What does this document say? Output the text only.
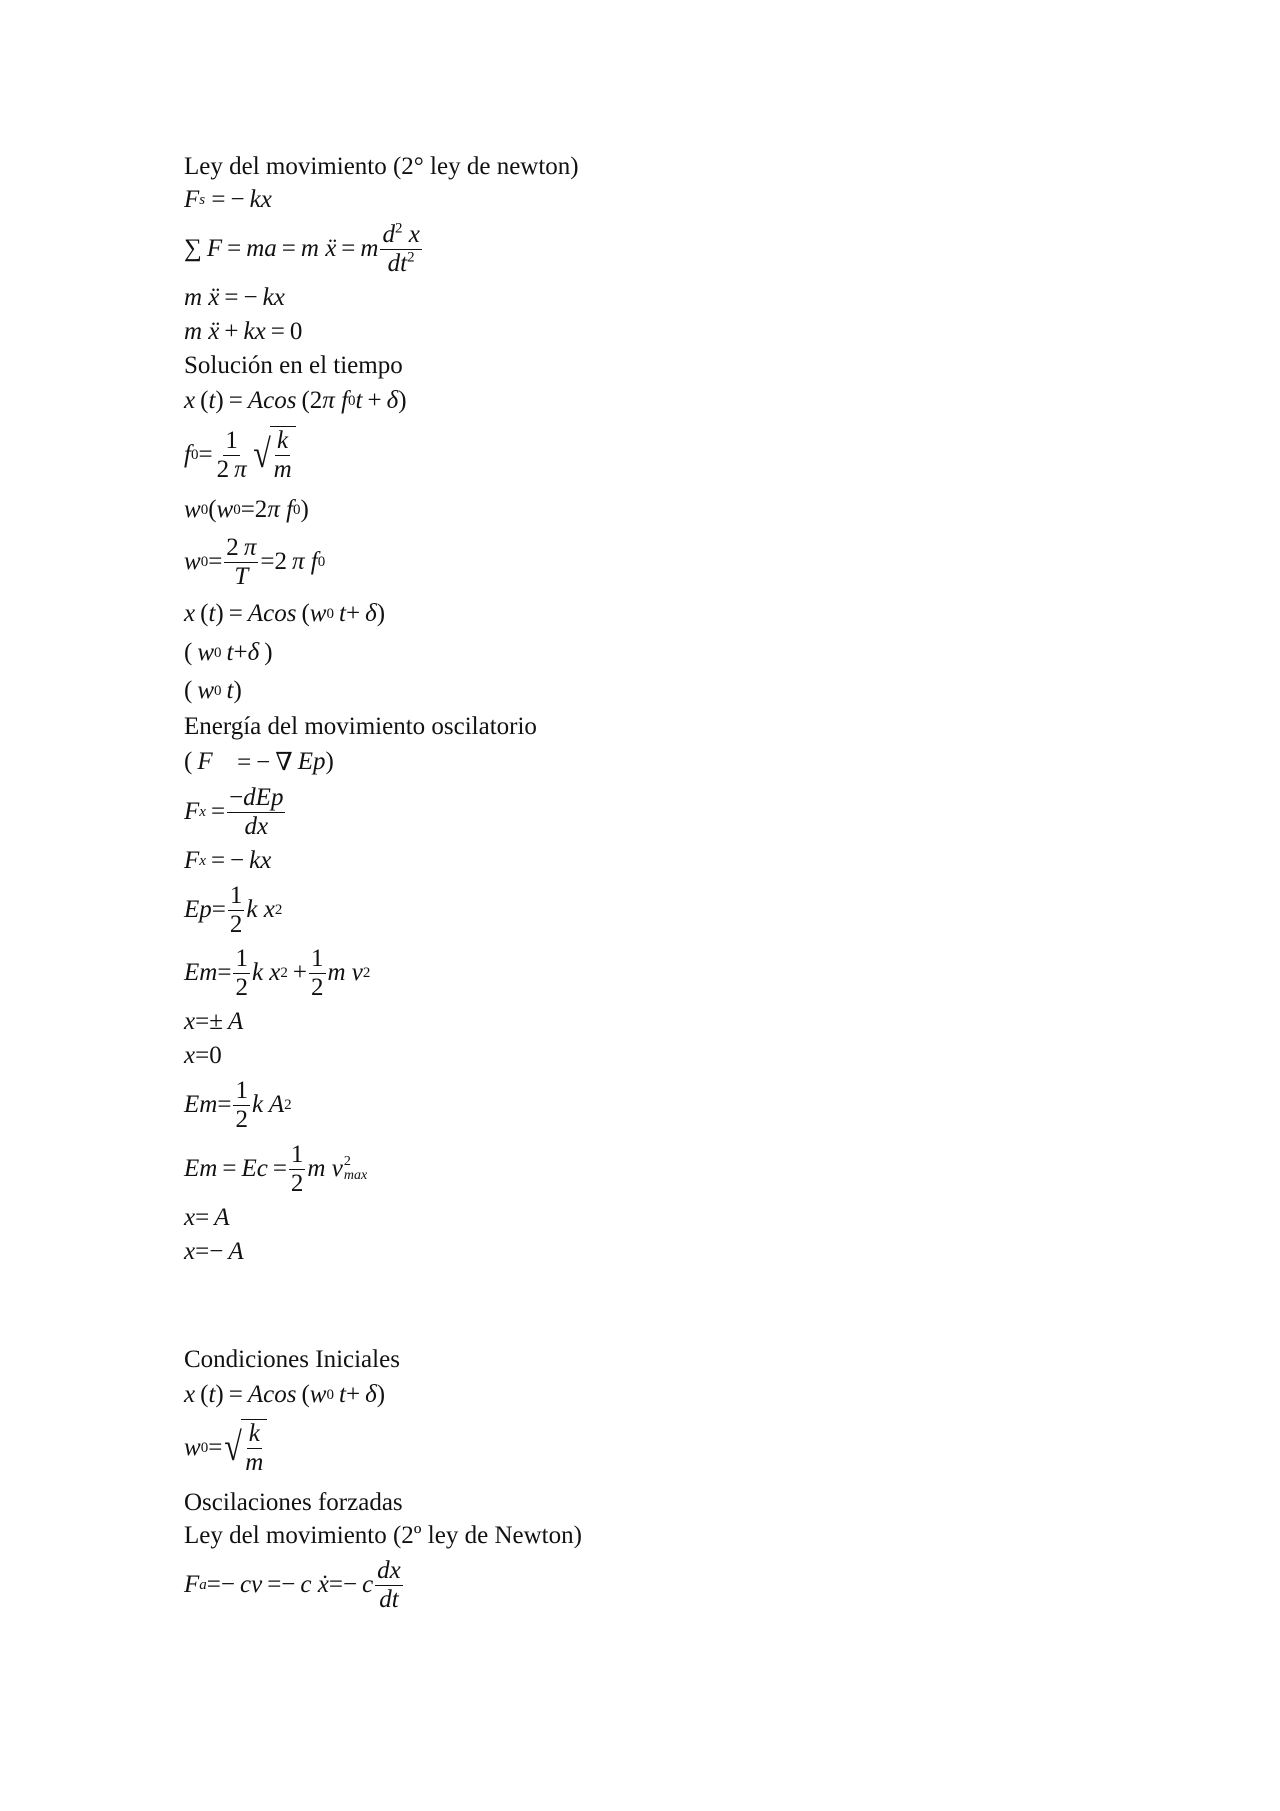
Ley del movimiento (2° ley de newton)
F s = −  kx
∑  F  =  ma  =  m ẍ  =  m $\frac{d^2 x}{dt^2}$
m ẍ  = −  kx
m ẍ  +  kx  = 0
Solución en el tiempo
x  ( t ) =  Acos  (2 π f 0 t  +  δ )
f $0 = \frac{1}{2 \pi}$ √ $\frac{k}{m}$
w 0 ( w 0 =2 π f 0 )
w $0 = \frac{2 \pi}{T} =2$  π f 0
x  ( t ) =  Acos  ( w 0
  t +  δ )
(  w 0
  t + δ  )
(  w 0
  t )
Energía del movimiento oscilatorio
(  F⃗  = − ∇  Ep )
F $x = \frac{\text{−dEp}}{dx}$
F x  = −  kx
$Ep = \frac{1}{2}$ k x 2
$Em = \frac{1}{2}$ k x $2 + \frac{1}{2}$ m v 2
x =±  A
x =0
$Em = \frac{1}{2}$ k A 2
$Em = Ec = \frac{1}{2}$ m v 2
max
x =  A
x =−  A
Condiciones Iniciales
x  ( t ) =  Acos  ( w 0
  t +  δ )
w 0 = √ $\frac{k}{m}$
Oscilaciones forzadas
Ley del movimiento (2º ley de Newton)
F a =−  cv  =−  c ẋ =−  c $\frac{dx}{dt}$
